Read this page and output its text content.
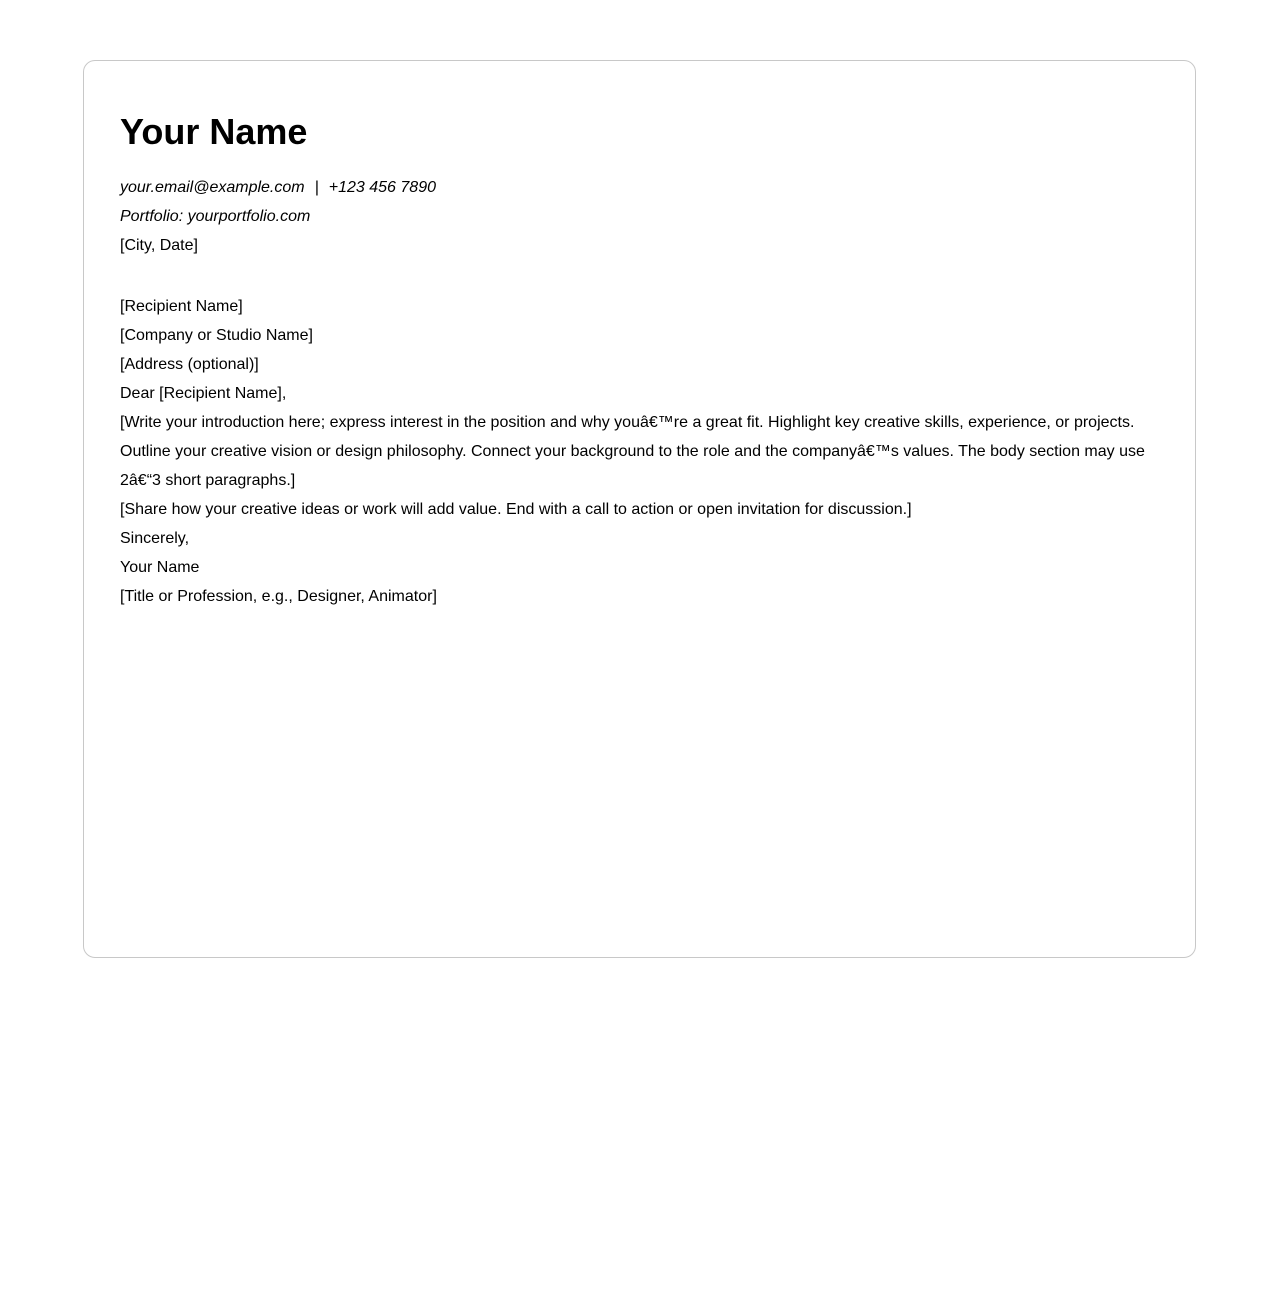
Your Name

your.email@example.com | +123 456 7890

Portfolio: yourportfolio.com

[City, Date]

[Recipient Name]

[Company or Studio Name]

[Address (optional)]

Dear [Recipient Name],

[Write your introduction here; express interest in the position and why youâ€™re a great fit. Highlight key creative skills, experience, or projects. Outline your creative vision or design philosophy. Connect your background to the role and the companyâ€™s values. The body section may use 2â€“3 short paragraphs.]

[Share how your creative ideas or work will add value. End with a call to action or open invitation for discussion.]

Sincerely,

Your Name

[Title or Profession, e.g., Designer, Animator]
